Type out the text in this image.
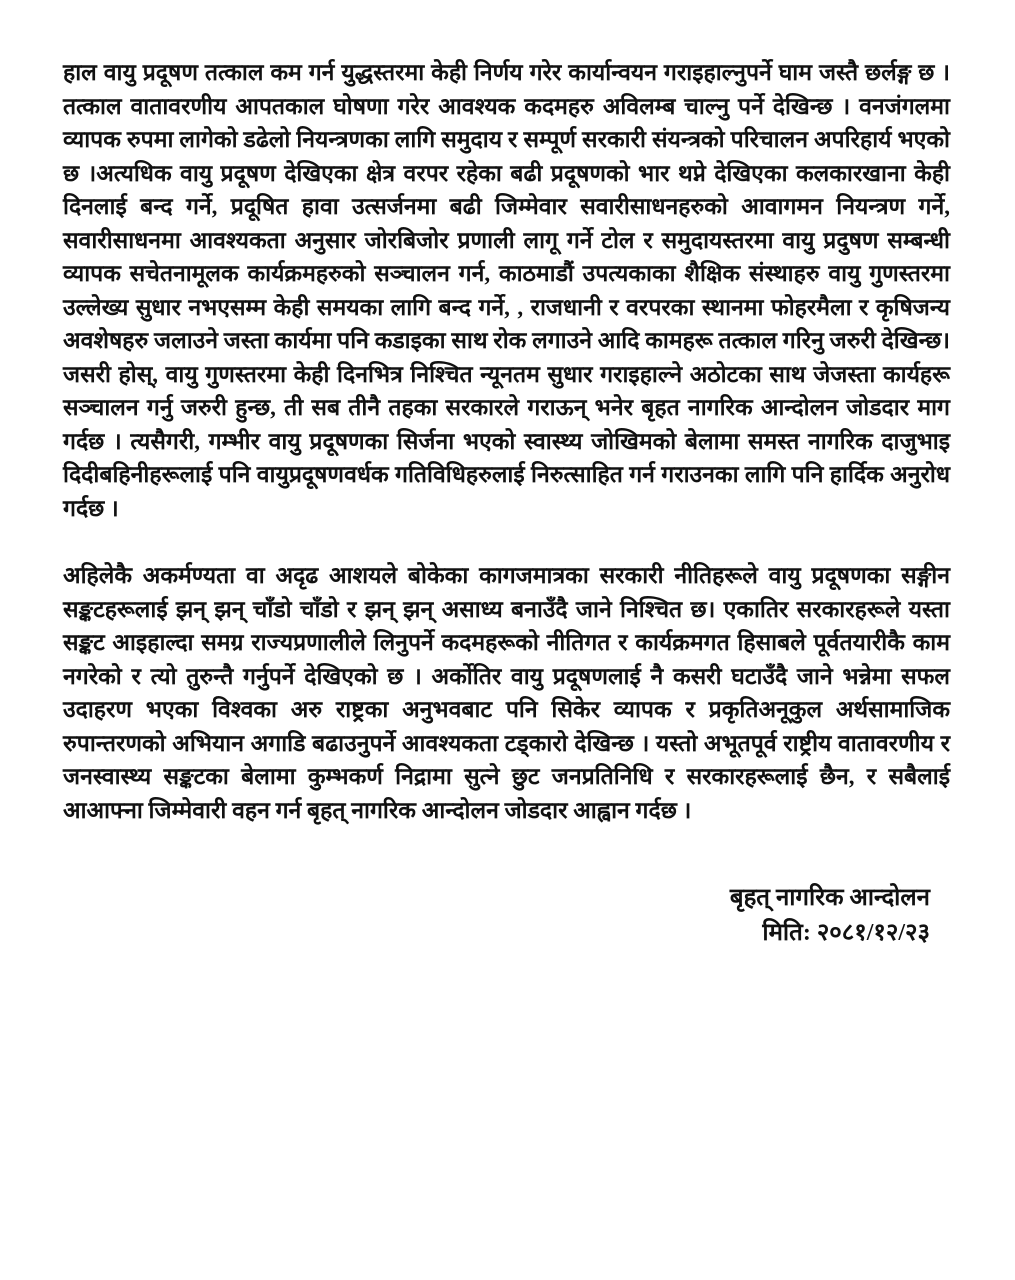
हाल वायु प्रदूषण तत्काल कम गर्न युद्धस्तरमा केही निर्णय गरेर कार्यान्वयन गराइहाल्नुपर्ने घाम जस्तै छर्लङ्ग छ । तत्काल वातावरणीय आपतकाल घोषणा गरेर आवश्यक कदमहरु अविलम्ब चाल्नु पर्ने देखिन्छ । वनजंगलमा व्यापक रुपमा लागेको डढेलो नियन्त्रणका लागि समुदाय र सम्पूर्ण सरकारी संयन्त्रको परिचालन अपरिहार्य भएको छ ।अत्यधिक वायु प्रदूषण देखिएका क्षेत्र वरपर रहेका बढी प्रदूषणको भार थप्ने देखिएका कलकारखाना केही दिनलाई बन्द गर्ने, प्रदूषित हावा उत्सर्जनमा बढी जिम्मेवार सवारीसाधनहरुको आवागमन नियन्त्रण गर्ने, सवारीसाधनमा आवश्यकता अनुसार जोरबिजोर प्रणाली लागू गर्ने टोल र समुदायस्तरमा वायु प्रदुषण सम्बन्धी व्यापक सचेतनामूलक कार्यक्रमहरुको सञ्चालन गर्न, काठमाडौं उपत्यकाका शैक्षिक संस्थाहरु वायु गुणस्तरमा उल्लेख्य सुधार नभएसम्म केही समयका लागि बन्द गर्ने, , राजधानी र वरपरका स्थानमा फोहरमैला र कृषिजन्य अवशेषहरु जलाउने जस्ता कार्यमा पनि कडाइका साथ रोक लगाउने आदि कामहरू तत्काल गरिनु जरुरी देखिन्छ। जसरी होस्, वायु गुणस्तरमा केही दिनभित्र निश्चित न्यूनतम सुधार गराइहाल्ने अठोटका साथ जेजस्ता कार्यहरू सञ्चालन गर्नु जरुरी हुन्छ, ती सब तीनै तहका सरकारले गराऊन् भनेर बृहत नागरिक आन्दोलन जोडदार माग गर्दछ । त्यसैगरी, गम्भीर वायु प्रदूषणका सिर्जना भएको स्वास्थ्य जोखिमको बेलामा समस्त नागरिक दाजुभाइ दिदीबहिनीहरूलाई पनि वायुप्रदूषणवर्धक गतिविधिहरुलाई निरुत्साहित गर्न गराउनका लागि पनि हार्दिक अनुरोध गर्दछ ।

अहिलेकै अकर्मण्यता वा अदृढ आशयले बोकेका कागजमात्रका सरकारी नीतिहरूले वायु प्रदूषणका सङ्गीन सङ्कटहरूलाई झन् झन् चाँडो चाँडो र झन् झन् असाध्य बनाउँदै जाने निश्चित छ। एकातिर सरकारहरूले यस्ता सङ्कट आइहाल्दा समग्र राज्यप्रणालीले लिनुपर्ने कदमहरूको नीतिगत र कार्यक्रमगत हिसाबले पूर्वतयारीकै काम नगरेको र त्यो तुरुन्तै गर्नुपर्ने देखिएको छ । अर्कोतिर वायु प्रदूषणलाई नै कसरी घटाउँदै जाने भन्नेमा सफल उदाहरण भएका विश्वका अरु राष्ट्रका अनुभवबाट पनि सिकेर व्यापक र प्रकृतिअनूकुल अर्थसामाजिक रुपान्तरणको अभियान अगाडि बढाउनुपर्ने आवश्यकता टड्कारो देखिन्छ । यस्तो अभूतपूर्व राष्ट्रीय वातावरणीय र जनस्वास्थ्य सङ्कटका बेलामा कुम्भकर्ण निद्रामा सुत्ने छुट जनप्रतिनिधि र सरकारहरूलाई छैन, र सबैलाई आआफ्ना जिम्मेवारी वहन गर्न बृहत् नागरिक आन्दोलन जोडदार आह्वान गर्दछ ।

बृहत् नागरिक आन्दोलन
मिति: २०८१/१२/२३
